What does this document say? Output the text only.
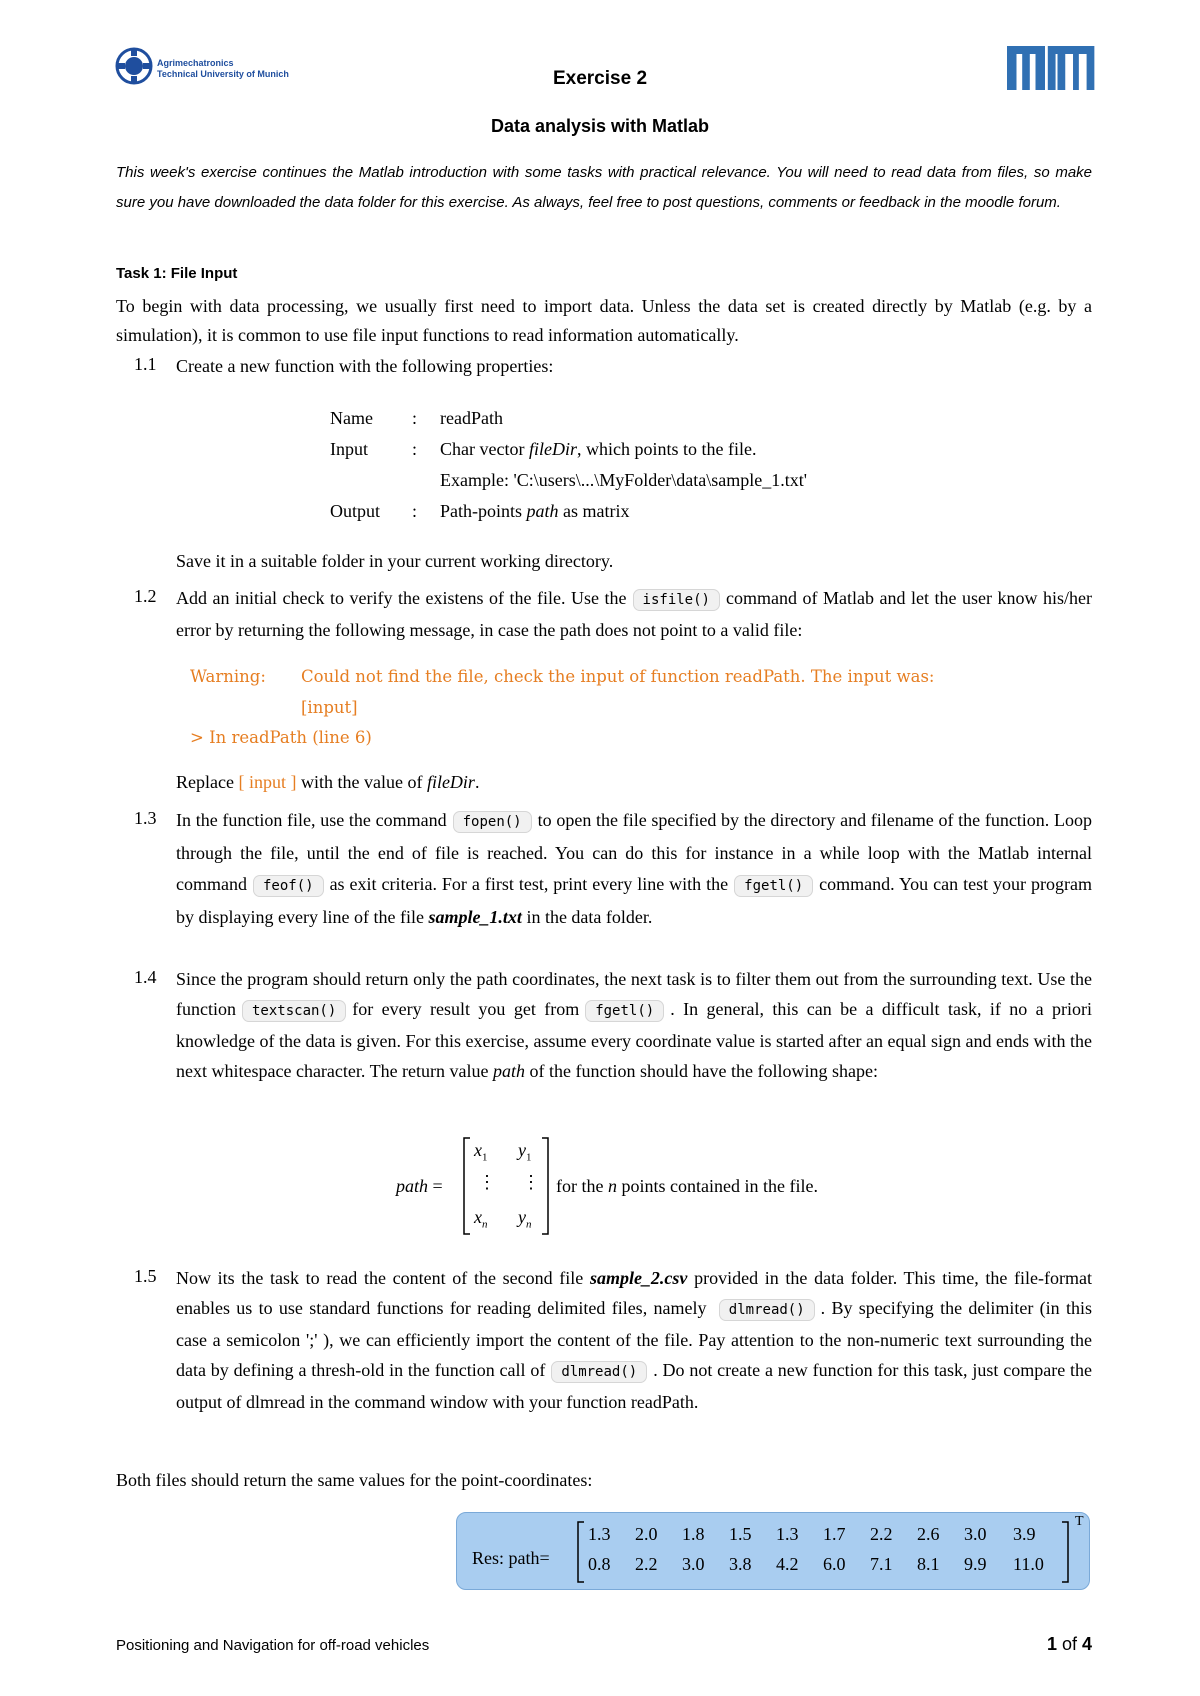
Agrimechatronics
Technical University of Munich	Exercise 2
Data analysis with Matlab
This week's exercise continues the Matlab introduction with some tasks with practical relevance. You will need to read data from files, so make sure you have downloaded the data folder for this exercise. As always, feel free to post questions, comments or feedback in the moodle forum.
Task 1: File Input
To begin with data processing, we usually first need to import data. Unless the data set is created directly by Matlab (e.g. by a simulation), it is common to use file input functions to read information automatically.
1.1 Create a new function with the following properties:
Name	:	readPath
Input	:	Char vector fileDir, which points to the file.
		Example: 'C:\users\...\MyFolder\data\sample_1.txt'
Output	:	Path-points path as matrix
Save it in a suitable folder in your current working directory.
1.2 Add an initial check to verify the existens of the file. Use the isfile() command of Matlab and let the user know his/her error by returning the following message, in case the path does not point to a valid file:
Warning: Could not find the file, check the input of function readPath. The input was:
[input]
> In readPath (line 6)
Replace [ input ] with the value of fileDir.
1.3 In the function file, use the command fopen() to open the file specified by the directory and filename of the function. Loop through the file, until the end of file is reached. You can do this for instance in a while loop with the Matlab internal command feof() as exit criteria. For a first test, print every line with the fgetl() command. You can test your program by displaying every line of the file sample_1.txt in the data folder.
1.4 Since the program should return only the path coordinates, the next task is to filter them out from the surrounding text. Use the function textscan() for every result you get from fgetl() . In general, this can be a difficult task, if no a priori knowledge of the data is given. For this exercise, assume every coordinate value is started after an equal sign and ends with the next whitespace character. The return value path of the function should have the following shape:
path =
$x_1$ $y_1$
⋮ ⋮
$x_n$ $y_n$
for the n points contained in the file.
1.5 Now its the task to read the content of the second file sample_2.csv provided in the data folder. This time, the file-format enables us to use standard functions for reading delimited files, namely dlmread() . By specifying the delimiter (in this case a semicolon ';' ), we can efficiently import the content of the file. Pay attention to the non-numeric text surrounding the data by defining a thresh-old in the function call of dlmread() . Do not create a new function for this task, just compare the output of dlmread in the command window with your function readPath.
Both files should return the same values for the point-coordinates:
Res: path=
T
1.3 2.0 1.8 1.5 1.3 1.7 2.2 2.6 3.0 3.9
0.8 2.2 3.0 3.8 4.2 6.0 7.1 8.1 9.9 11.0
Positioning and Navigation for off-road vehicles	1 of 4
